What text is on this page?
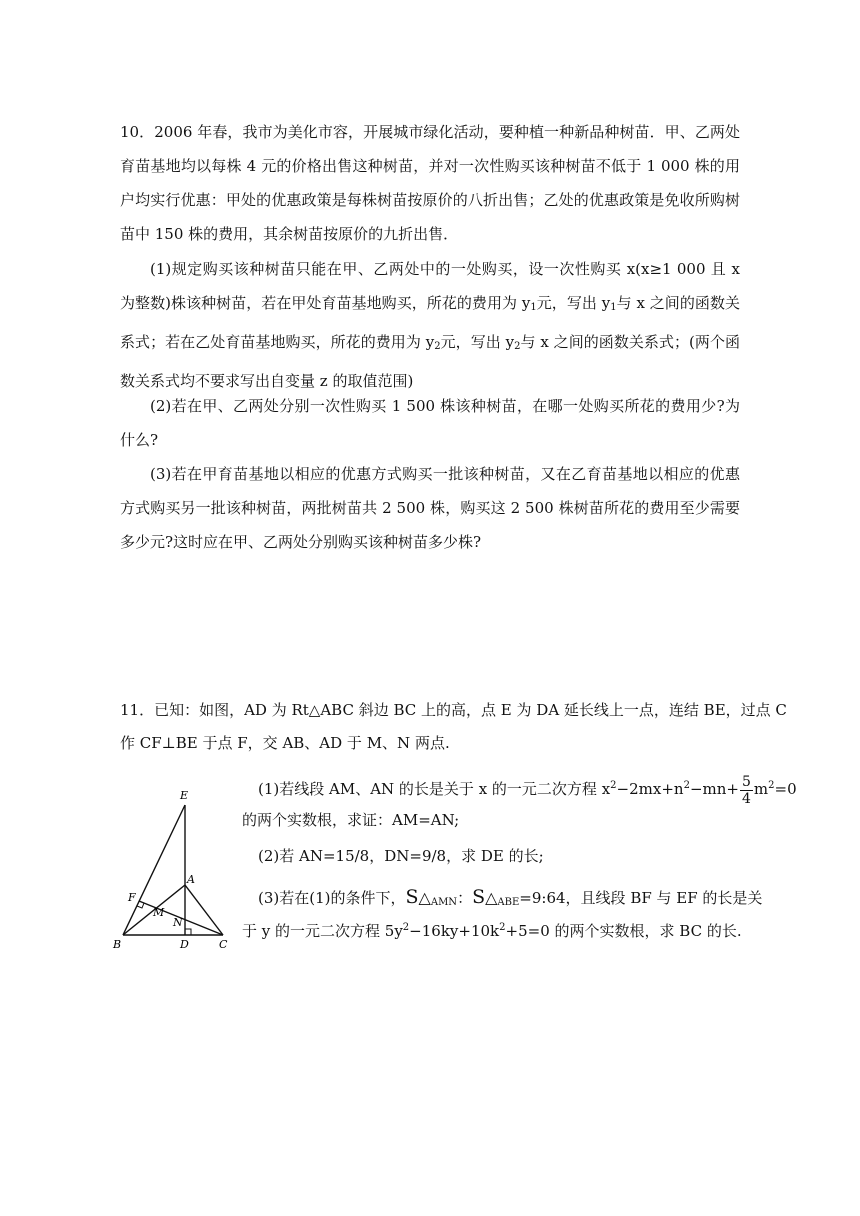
10．2006 年春，我市为美化市容，开展城市绿化活动，要种植一种新品种树苗．甲、乙两处育苗基地均以每株 4 元的价格出售这种树苗，并对一次性购买该种树苗不低于 1 000 株的用户均实行优惠：甲处的优惠政策是每株树苗按原价的八折出售；乙处的优惠政策是免收所购树苗中 150 株的费用，其余树苗按原价的九折出售．

(1)规定购买该种树苗只能在甲、乙两处中的一处购买，设一次性购买 x(x≥1 000 且 x 为整数)株该种树苗，若在甲处育苗基地购买，所花的费用为 $y_1$元，写出 $y_1$与 x 之间的函数关系式；若在乙处育苗基地购买，所花的费用为 $y_2$元，写出 $y_2$与 x 之间的函数关系式；(两个函数关系式均不要求写出自变量 z 的取值范围)

(2)若在甲、乙两处分别一次性购买 1 500 株该种树苗，在哪一处购买所花的费用少?为什么?

(3)若在甲育苗基地以相应的优惠方式购买一批该种树苗，又在乙育苗基地以相应的优惠方式购买另一批该种树苗，两批树苗共 2 500 株，购买这 2 500 株树苗所花的费用至少需要多少元?这时应在甲、乙两处分别购买该种树苗多少株?

11．已知：如图，AD 为 Rt△ABC 斜边 BC 上的高，点 E 为 DA 延长线上一点，连结 BE，过点 C
作 CF⊥BE 于点 F，交 AB、AD 于 M、N 两点.
(1)若线段 AM、AN 的长是关于 x 的一元二次方程 $x^2-2mx+n^2-mn+ \frac{5}{4} m^2=0$
的两个实数根，求证：AM=AN;
(2)若 AN=15/8，DN=9/8，求 DE 的长;
(3)若在(1)的条件下，$S\triangle_{AMN}$：$S\triangle_{ABE}=9:64$，且线段 BF 与 EF 的长是关
于 y 的一元二次方程 $5y^2-16ky+10k^2+5=0$ 的两个实数根，求 BC 的长.
E
F
A
M
N
B	D	C
